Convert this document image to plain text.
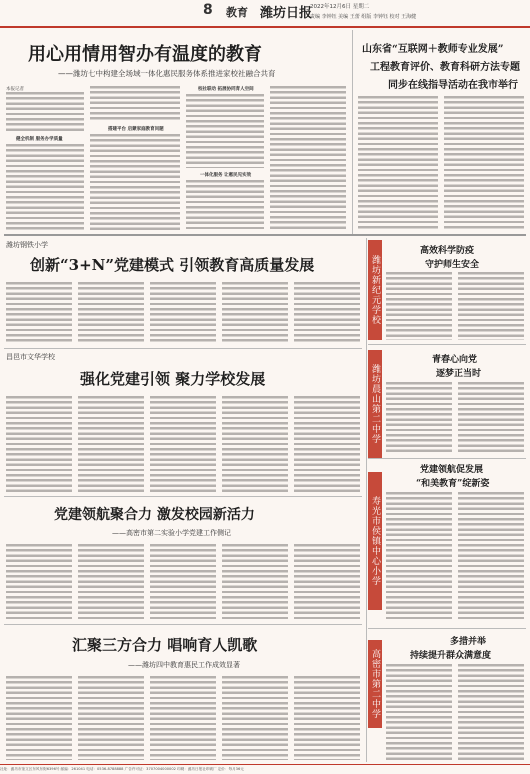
8 教育 潍坊日报
2022年12月6日 星期二
责编 李钟钰 美编 王蕾 组版 李钟钰 校对 王海健
用心用情用智办有温度的教育
——潍坊七中构建全场域一体化惠民服务体系推进家校社融合共育
本报记者
健全机制 服务办学质量
搭建平台 启蒙家庭教育问题
校社联动 拓展协同育人空间
一体化服务 让惠民见实效
山东省“互联网＋教师专业发展”
工程教育评价、教育科研方法专题
同步在线指导活动在我市举行
潍坊钢铁小学
创新“3+N”党建模式 引领教育高质量发展
昌邑市文华学校
强化党建引领 聚力学校发展
党建领航聚合力 激发校园新活力
——高密市第二实验小学党建工作侧记
汇聚三方合力 唱响育人凯歌
——潍坊四中教育惠民工作成效显著
潍坊新纪元学校
高效科学防疫
守护师生安全
潍坊晨山第二中学
青春心向党
逐梦正当时
寿光市侯镇中心小学
党建领航促发展
“和美教育”绽新姿
高密市第二中学
多措并举
持续提升群众满意度
社址：潍坊市奎文区东风东街6396号 邮编：261041 电话：0536-8788888 广告许可证：3707004000002 印刷：潍坊日报社印刷厂 定价：每月36元
